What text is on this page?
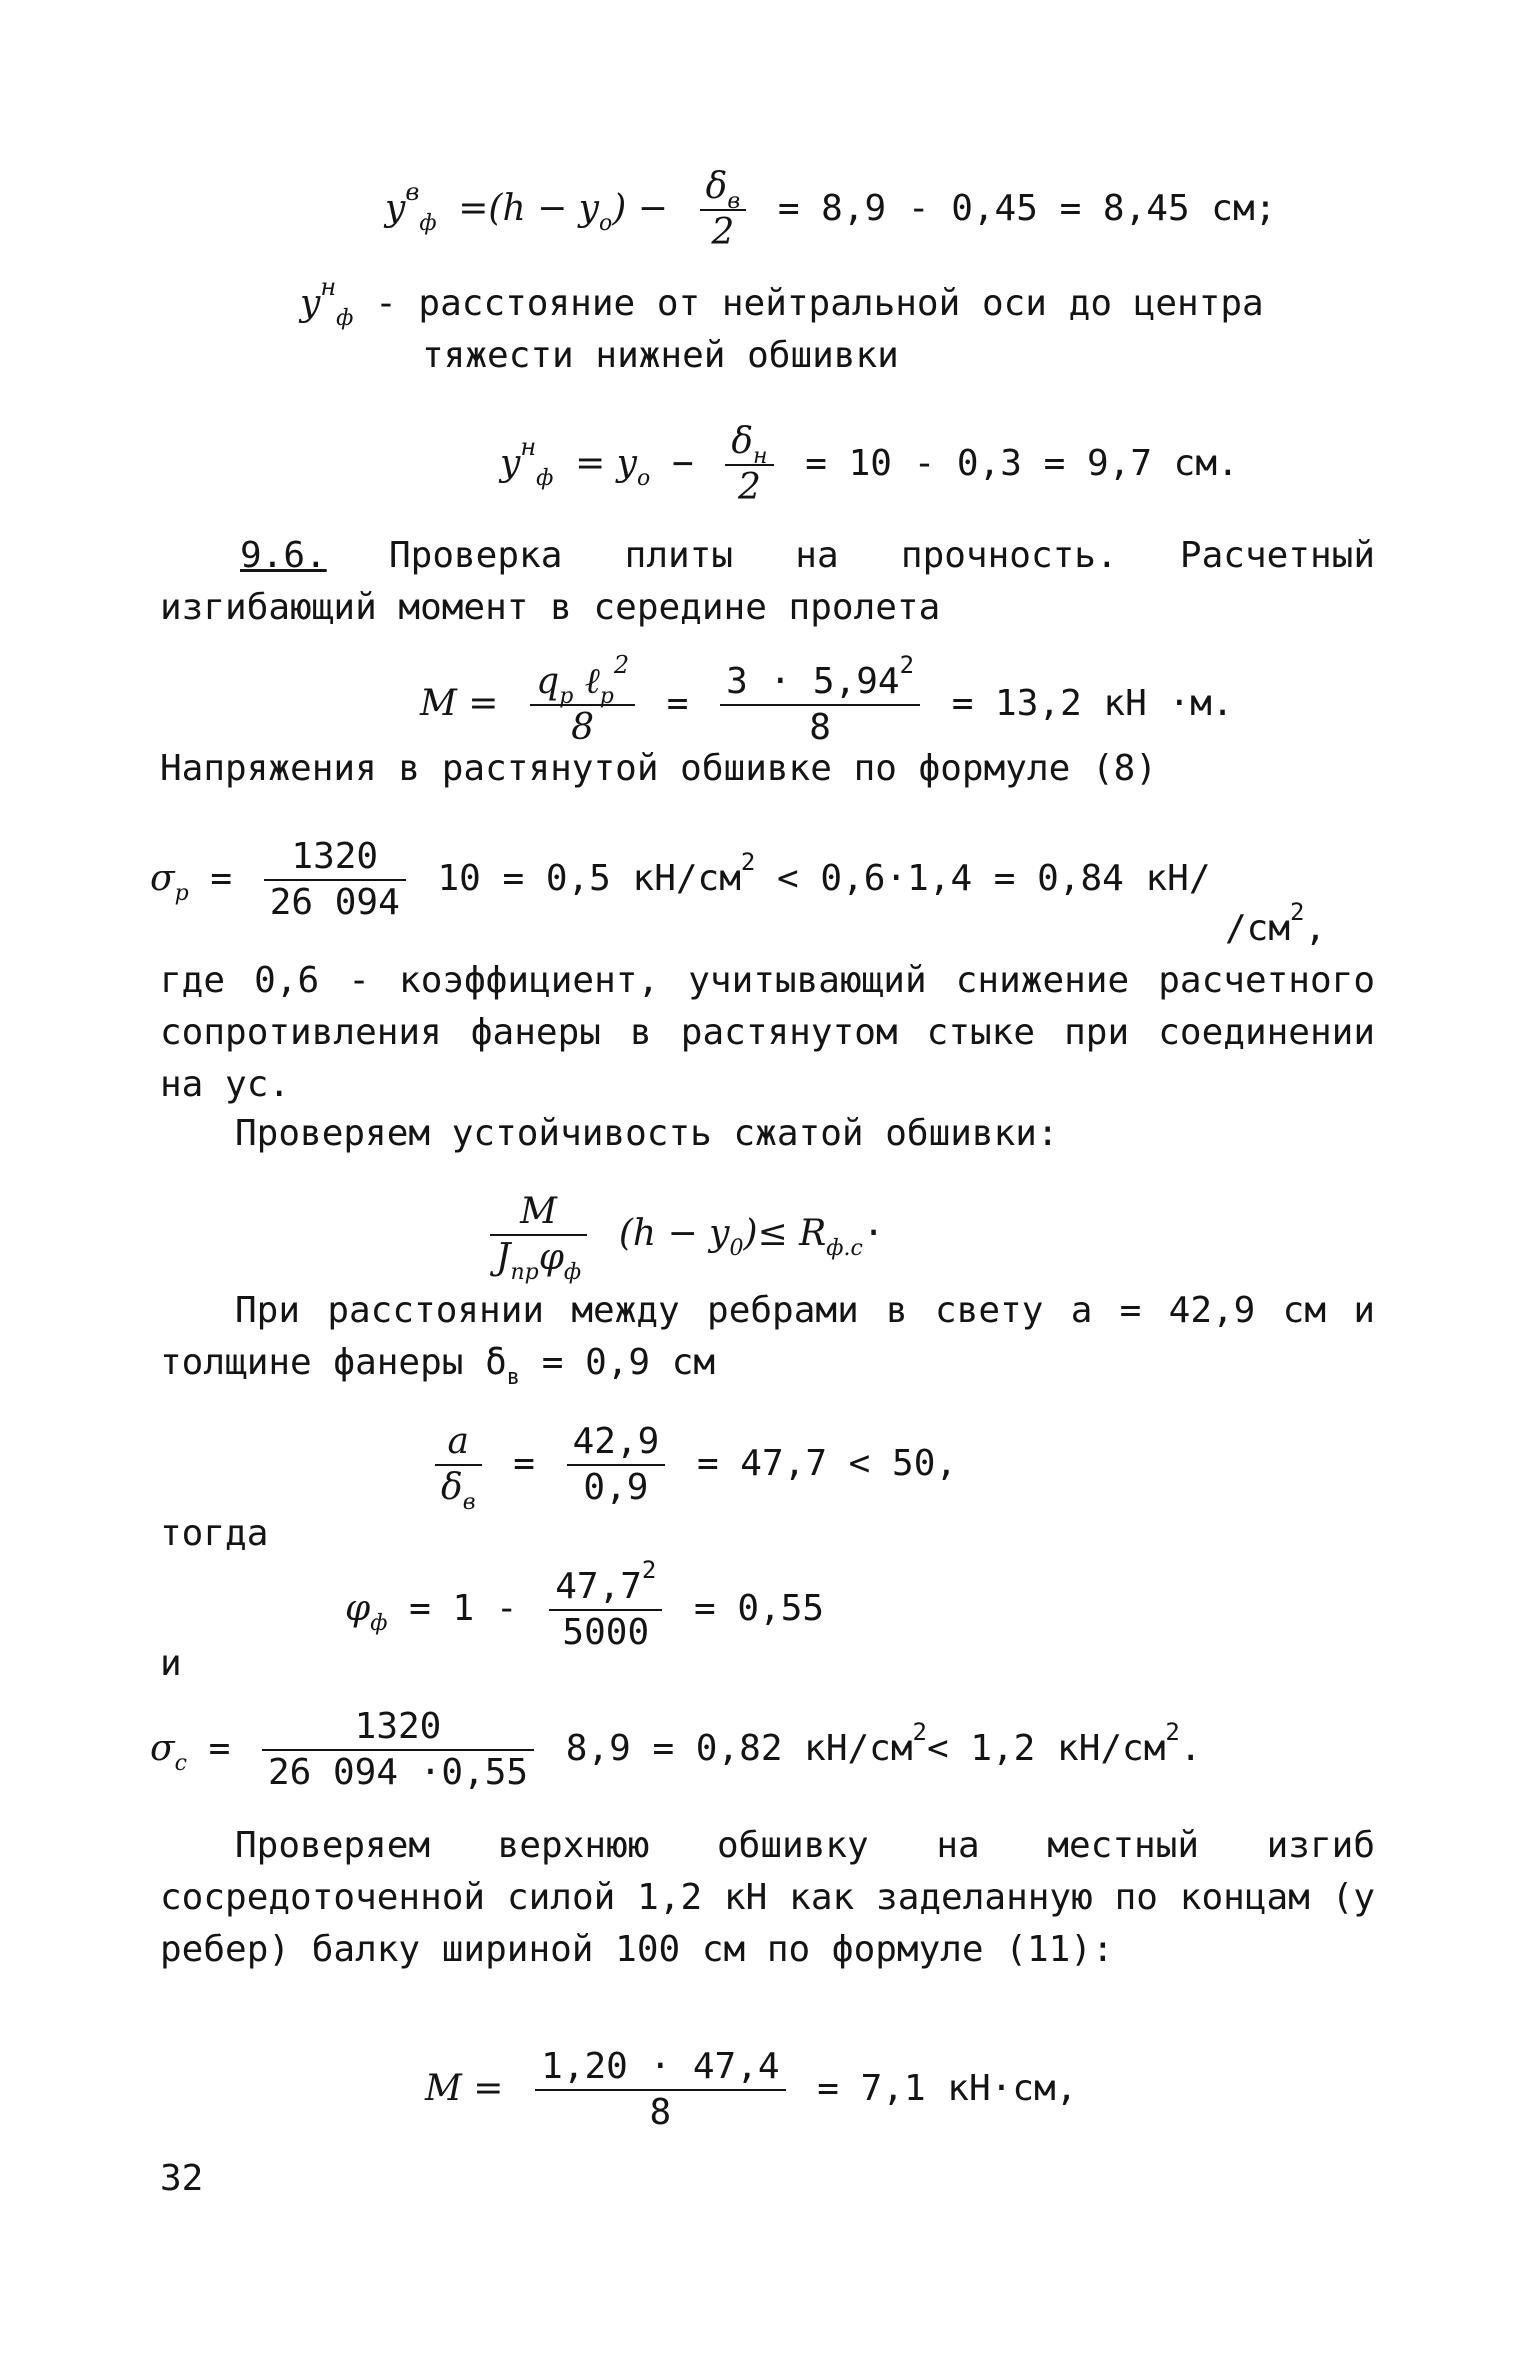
$y^в_ф =(h - y_o) - \frac{\delta_в}{2} = 8,9 - 0,45 = 8,45$ см;
$y^н_ф$ - расстояние от нейтральной оси до центра
тяжести нижней обшивки
$y^н_ф = y_o - \frac{\delta_н}{2} = 10 - 0,3 = 9,7$ см.
9.6. Проверка плиты на прочность. Расчетный изгибающий момент в середине пролета
$M = \frac{q_p \ell_p^2}{8} = \frac{3 \cdot 5,94^2}{8} = 13,2$ кН ·м.
Напряжения в растянутой обшивке по формуле (8)
$\sigma_р = \frac{1320}{26 094} 10 = 0,5$ $кН/см^2 < 0,6\cdot 1,4 = 0,84$ кН/
$/см^2$,
где 0,6 - коэффициент, учитывающий снижение расчетного сопротивления фанеры в растянутом стыке при соединении на ус.
Проверяем устойчивость сжатой обшивки:
$\frac{M}{J_{пр}\varphi_ф} (h - y_0)\le R_{ф.с}\cdot$
При расстоянии между ребрами в свету a = 42,9 см и толщине фанеры $\delta_в = 0,9$ см
$\frac{a}{\delta_в} = \frac{42,9}{0,9} = 47,7 < 50$,
тогда
$\varphi_ф = 1 - \frac{47,7^2}{5000} = 0,55$
и
$\sigma_с = \frac{1320}{26 094 \cdot 0,55} 8,9 = 0,82$ $кН/см^2< 1,2$ $кН/см^2$.
Проверяем верхнюю обшивку на местный изгиб сосредоточенной силой 1,2 кН как заделанную по концам (у ребер) балку шириной 100 см по формуле (11):
$M = \frac{1,20 \cdot 47,4}{8} = 7,1$ кН·см,
32
